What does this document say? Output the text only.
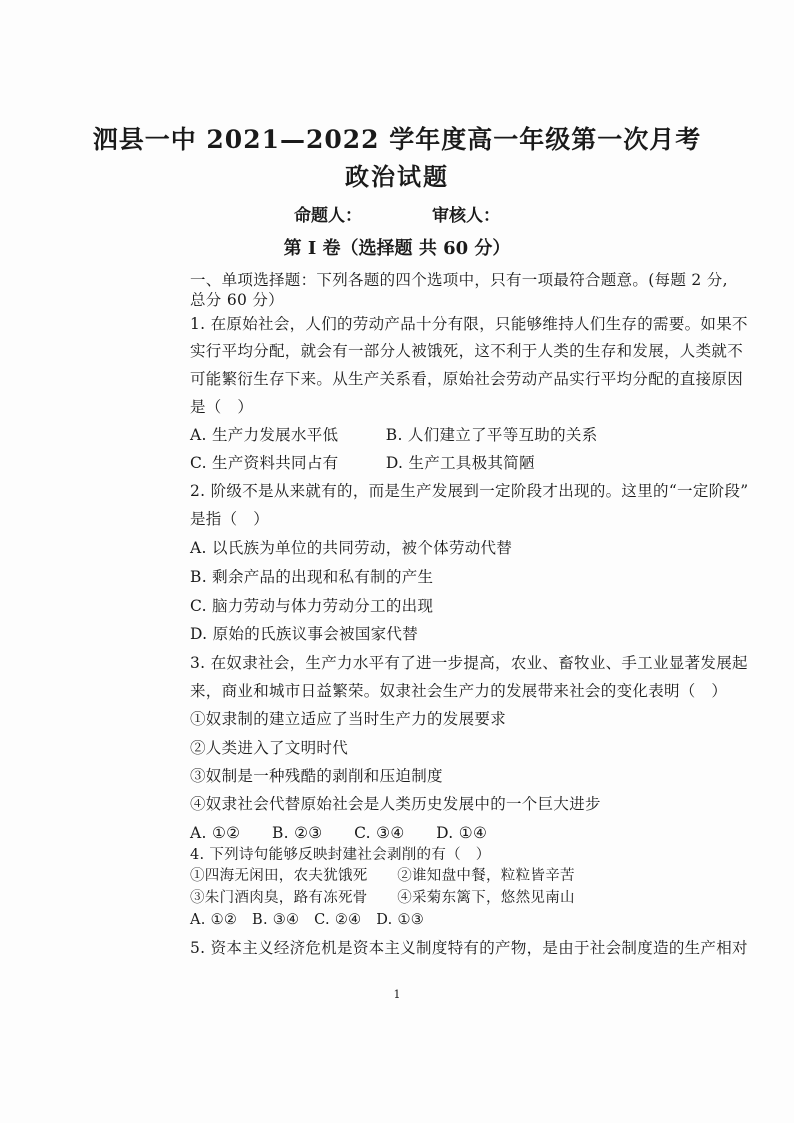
泗县一中 2021—2022 学年度高一年级第一次月考
政治试题
命题人：	审核人：
第 I 卷（选择题 共 60 分）
一、单项选择题：下列各题的四个选项中，只有一项最符合题意。(每题 2 分,
总分 60 分）
1. 在原始社会，人们的劳动产品十分有限，只能够维持人们生存的需要。如果不
实行平均分配，就会有一部分人被饿死，这不利于人类的生存和发展，人类就不
可能繁衍生存下来。从生产关系看，原始社会劳动产品实行平均分配的直接原因
是（　）
A. 生产力发展水平低　　　B. 人们建立了平等互助的关系
C. 生产资料共同占有　　　D. 生产工具极其简陋
2. 阶级不是从来就有的，而是生产发展到一定阶段才出现的。这里的“一定阶段”
是指（　）
A. 以氏族为单位的共同劳动，被个体劳动代替
B. 剩余产品的出现和私有制的产生
C. 脑力劳动与体力劳动分工的出现
D. 原始的氏族议事会被国家代替
3. 在奴隶社会，生产力水平有了进一步提高，农业、畜牧业、手工业显著发展起
来，商业和城市日益繁荣。奴隶社会生产力的发展带来社会的变化表明（　）
①奴隶制的建立适应了当时生产力的发展要求
②人类进入了文明时代
③奴制是一种残酷的剥削和压迫制度
④奴隶社会代替原始社会是人类历史发展中的一个巨大进步
A. ①②　　B. ②③　　C. ③④　　D. ①④
4. 下列诗句能够反映封建社会剥削的有（　）
①四海无闲田，农夫犹饿死　　②谁知盘中餐，粒粒皆辛苦
③朱门酒肉臭，路有冻死骨　　④采菊东篱下，悠然见南山
A. ①②　B. ③④　C. ②④　D. ①③
5. 资本主义经济危机是资本主义制度特有的产物，是由于社会制度造的生产相对
1
